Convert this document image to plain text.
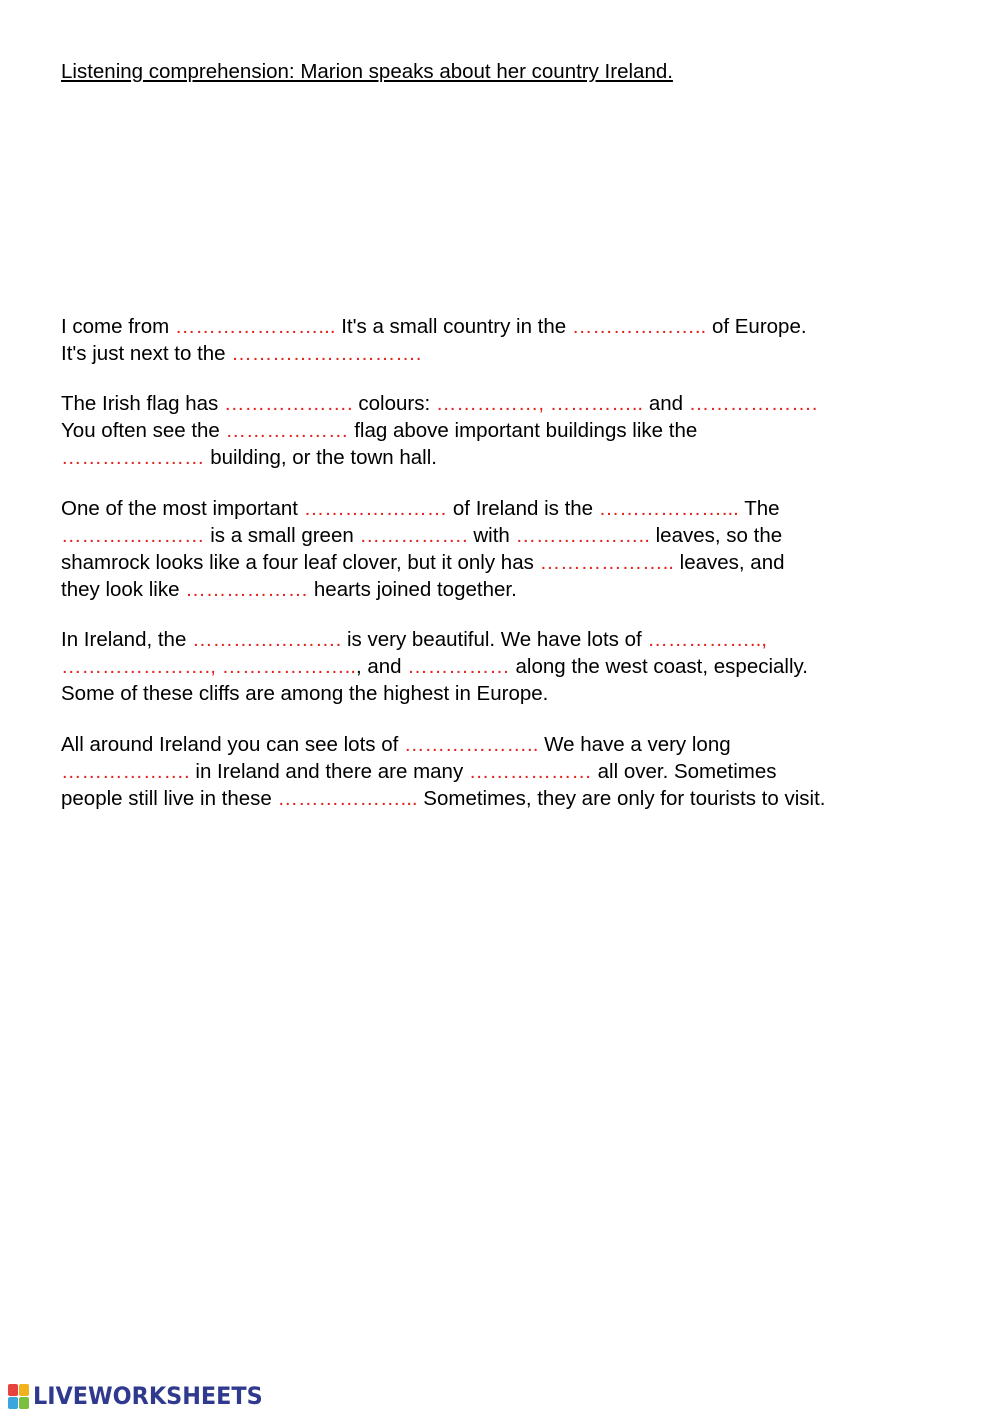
Listening comprehension: Marion speaks about her country Ireland.
I come from …………………... It's a small country in the ……………….. of Europe.
It's just next to the ……………………….
The Irish flag has ………………. colours: ……………, ………….. and ……………….
You often see the ……………… flag above important buildings like the
………………… building, or the town hall.
One of the most important ………………… of Ireland is the ………………... The
………………… is a small green ……………. with ……………….. leaves, so the
shamrock looks like a four leaf clover, but it only has ……………….. leaves, and
they look like ……………… hearts joined together.
In Ireland, the …………………. is very beautiful. We have lots of ……………..,
…………………., ……………….., and …………… along the west coast, especially.
Some of these cliffs are among the highest in Europe.
All around Ireland you can see lots of ……………….. We have a very long
………………. in Ireland and there are many ……………… all over. Sometimes
people still live in these ………………... Sometimes, they are only for tourists to visit.
LIVEWORKSHEETS
